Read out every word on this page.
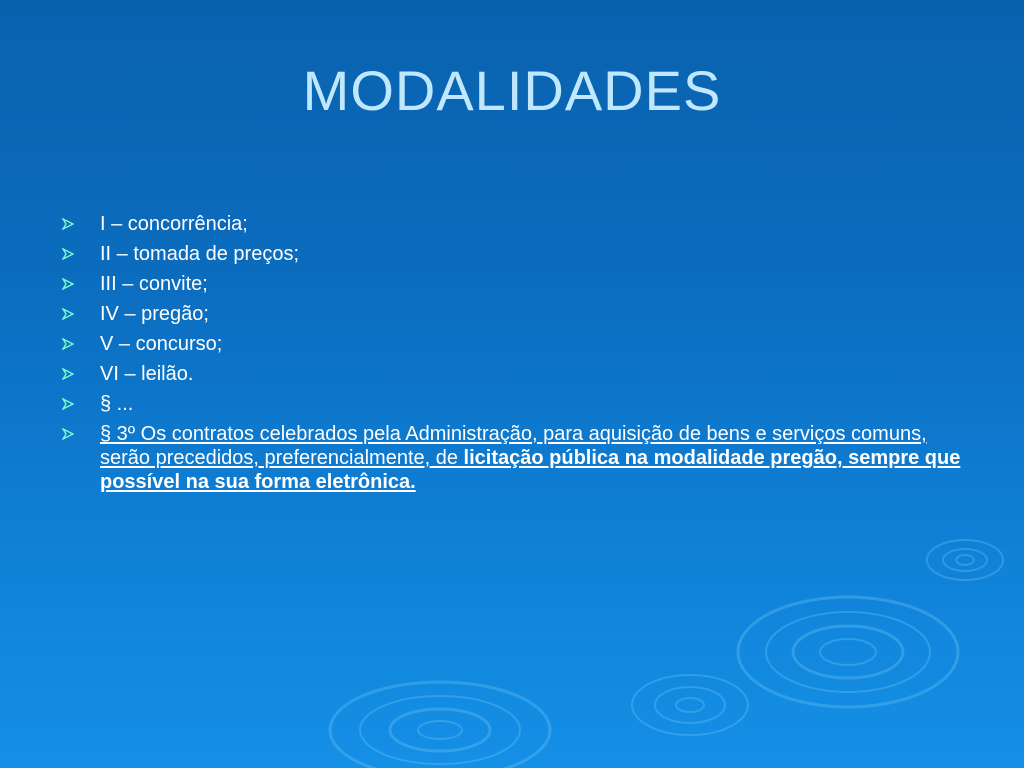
MODALIDADES
I – concorrência;
II – tomada de preços;
III – convite;
IV – pregão;
V – concurso;
VI – leilão.
§ ...
§ 3º Os contratos celebrados pela Administração, para aquisição de bens e serviços comuns, serão precedidos, preferencialmente, de licitação pública na modalidade pregão, sempre que possível na sua forma eletrônica.
